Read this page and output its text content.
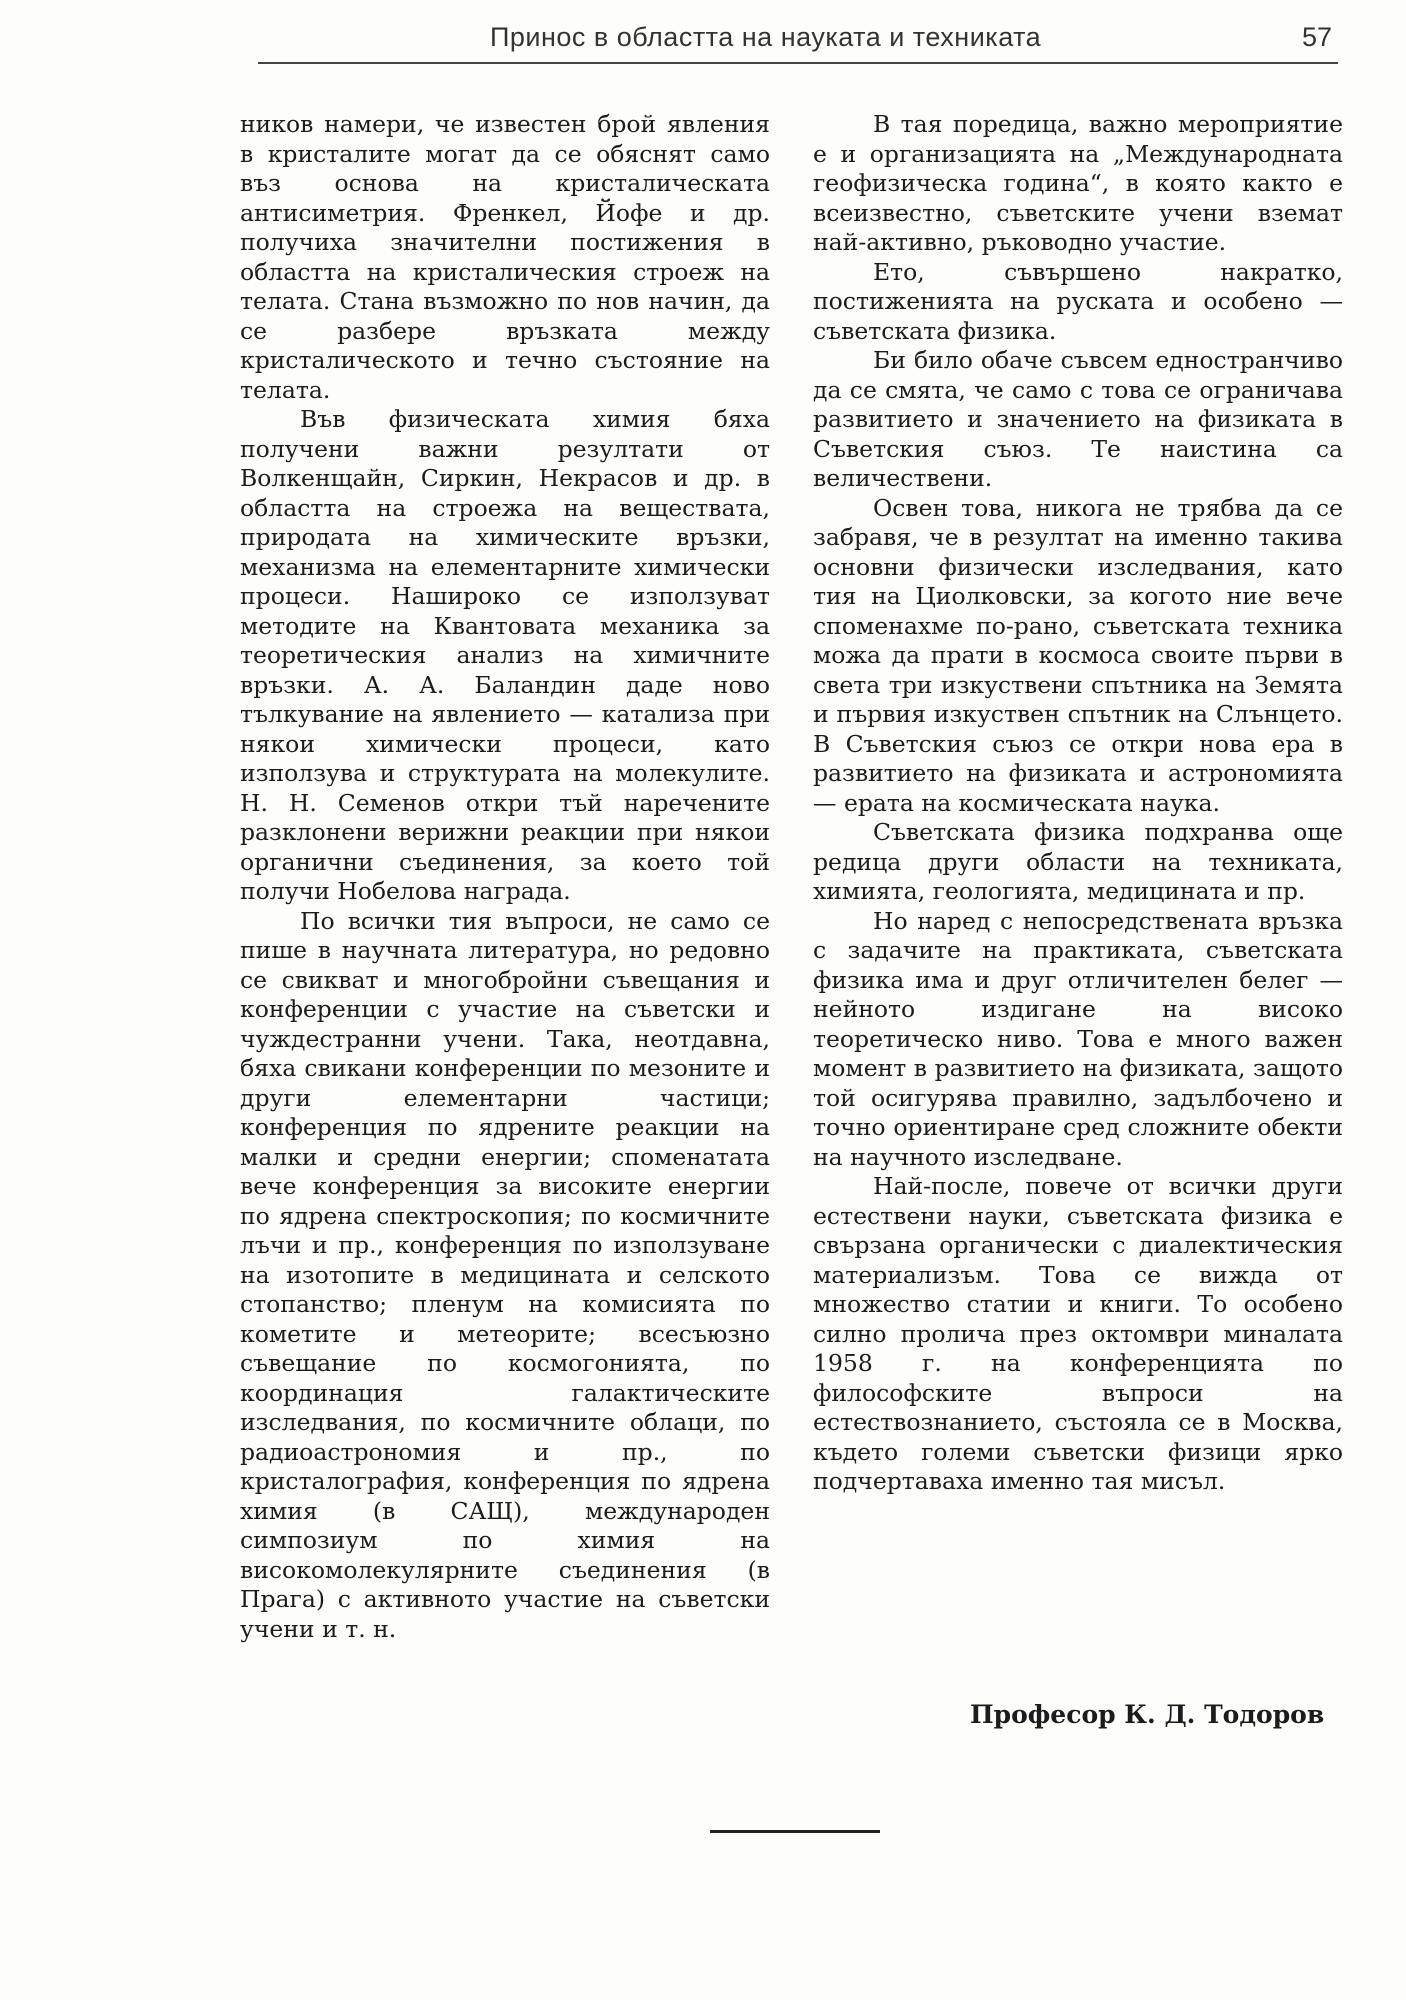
Принос в областта на науката и техниката	57

ников намери, че известен брой явления в кристалите могат да се обяснят само въз основа на кристалическата антисиметрия. Френкел, Йофе и др. получиха значителни постижения в областта на кристалическия строеж на телата. Стана възможно по нов начин, да се разбере връзката между кристалическото и течно състояние на телата.

Във физическата химия бяха получени важни резултати от Волкенщайн, Сиркин, Некрасов и др. в областта на строежа на веществата, природата на химическите връзки, механизма на елементарните химически процеси. Нашироко се използуват методите на Квантовата механика за теоретическия анализ на химичните връзки. А. А. Баландин даде ново тълкувание на явлението — катализа при някои химически процеси, като използува и структурата на молекулите. Н. Н. Семенов откри тъй наречените разклонени верижни реакции при някои органични съединения, за което той получи Нобелова награда.

По всички тия въпроси, не само се пише в научната литература, но редовно се свикват и многобройни съвещания и конференции с участие на съветски и чуждестранни учени. Така, неотдавна, бяха свикани конференции по мезоните и други елементарни частици; конференция по ядрените реакции на малки и средни енергии; споменатата вече конференция за високите енергии по ядрена спектроскопия; по космичните лъчи и пр., конференция по използуване на изотопите в медицината и селското стопанство; пленум на комисията по кометите и метеорите; всесъюзно съвещание по космогонията, по координация галактическите изследвания, по космичните облаци, по радиоастрономия и пр., по кристалография, конференция по ядрена химия (в САЩ), международен симпозиум по химия на високомолекулярните съединения (в Прага) с активното участие на съветски учени и т. н.

В тая поредица, важно мероприятие е и организацията на „Международната геофизическа година“, в която както е всеизвестно, съветските учени вземат най-активно, ръководно участие.

Ето, съвършено накратко, постиженията на руската и особено — съветската физика.

Би било обаче съвсем едностранчиво да се смята, че само с това се ограничава развитието и значението на физиката в Съветския съюз. Те наистина са величествени.

Освен това, никога не трябва да се забравя, че в резултат на именно такива основни физически изследвания, като тия на Циолковски, за когото ние вече споменахме по-рано, съветската техника можа да прати в космоса своите първи в света три изкуствени спътника на Земята и първия изкуствен спътник на Слънцето. В Съветския съюз се откри нова ера в развитието на физиката и астрономията — ерата на космическата наука.

Съветската физика подхранва още редица други области на техниката, химията, геологията, медицината и пр.

Но наред с непосредствената връзка с задачите на практиката, съветската физика има и друг отличителен белег — нейното издигане на високо теоретическо ниво. Това е много важен момент в развитието на физиката, защото той осигурява правилно, задълбочено и точно ориентиране сред сложните обекти на научното изследване.

Най-после, повече от всички други естествени науки, съветската физика е свързана органически с диалектическия материализъм. Това се вижда от множество статии и книги. То особено силно пролича през октомври миналата 1958 г. на конференцията по философските въпроси на естествознанието, състояла се в Москва, където големи съветски физици ярко подчертаваха именно тая мисъл.

Професор К. Д. Тодоров
